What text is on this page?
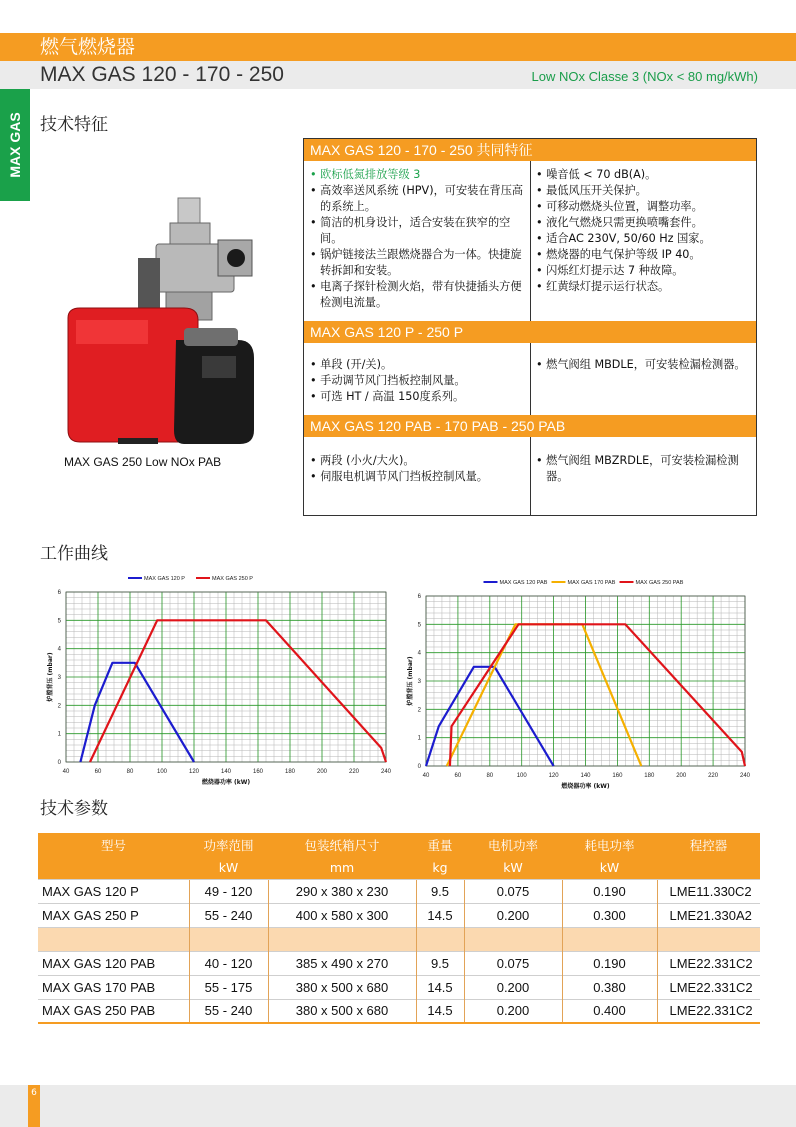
燃气燃烧器
MAX GAS 120 - 170 - 250	Low NOx Classe 3 (NOx < 80 mg/kWh)
MAX GAS 技术特征
MAX GAS 250 Low NOx PAB
MAX GAS 120 - 170 - 250 共同特征
• 欧标低氮排放等级 3
• 高效率送风系统 (HPV)，可安装在背压高的系统上。
• 简洁的机身设计，适合安装在狭窄的空间。
• 锅炉链接法兰跟燃烧器合为一体。快捷旋转拆卸和安装。
• 电离子探针检测火焰，带有快捷插头方便检测电流量。
• 噪音低 < 70 dB(A)。
• 最低风压开关保护。
• 可移动燃烧头位置，调整功率。
• 液化气燃烧只需更换喷嘴套件。
• 适合AC 230V, 50/60 Hz 国家。
• 燃烧器的电气保护等级 IP 40。
• 闪烁红灯提示达 7 种故障。
• 红黄绿灯提示运行状态。
MAX GAS 120 P - 250 P
• 单段 (开/关)。
• 手动调节风门挡板控制风量。
• 可选 HT / 高温 150度系列。
• 燃气阀组 MBDLE，可安装检漏检测器。
MAX GAS 120 PAB - 170 PAB - 250 PAB
• 两段 (小火/大火)。
• 伺服电机调节风门挡板控制风量。
• 燃气阀组 MBZRDLE，可安装检漏检测器。
工作曲线
40	60	80	100	120	140	160	180	200	220	240
0
1
2
3
4
5
6
燃烧器功率 (kW)
炉膛背压 (mbar)
MAX GAS 120 P	MAX GAS 250 P
40	60	80	100	120	140	160	180	200	220	240
0
1
2
3
4
5
6
燃烧器功率 (kW)
炉膛背压 (mbar)
MAX GAS 120 PAB	MAX GAS 170 PAB	MAX GAS 250 PAB
技术参数
型号	功率范围	包装纸箱尺寸	重量	电机功率	耗电功率	程控器
	kW	mm	kg	kW	kW	
MAX GAS 120 P	49 - 120	290 x 380 x 230	9.5	0.075	0.190	LME11.330C2
MAX GAS 250 P	55 - 240	400 x 580 x 300	14.5	0.200	0.300	LME21.330A2

MAX GAS 120 PAB	40 - 120	385 x 490 x 270	9.5	0.075	0.190	LME22.331C2
MAX GAS 170 PAB	55 - 175	380 x 500 x 680	14.5	0.200	0.380	LME22.331C2
MAX GAS 250 PAB	55 - 240	380 x 500 x 680	14.5	0.200	0.400	LME22.331C2
6
